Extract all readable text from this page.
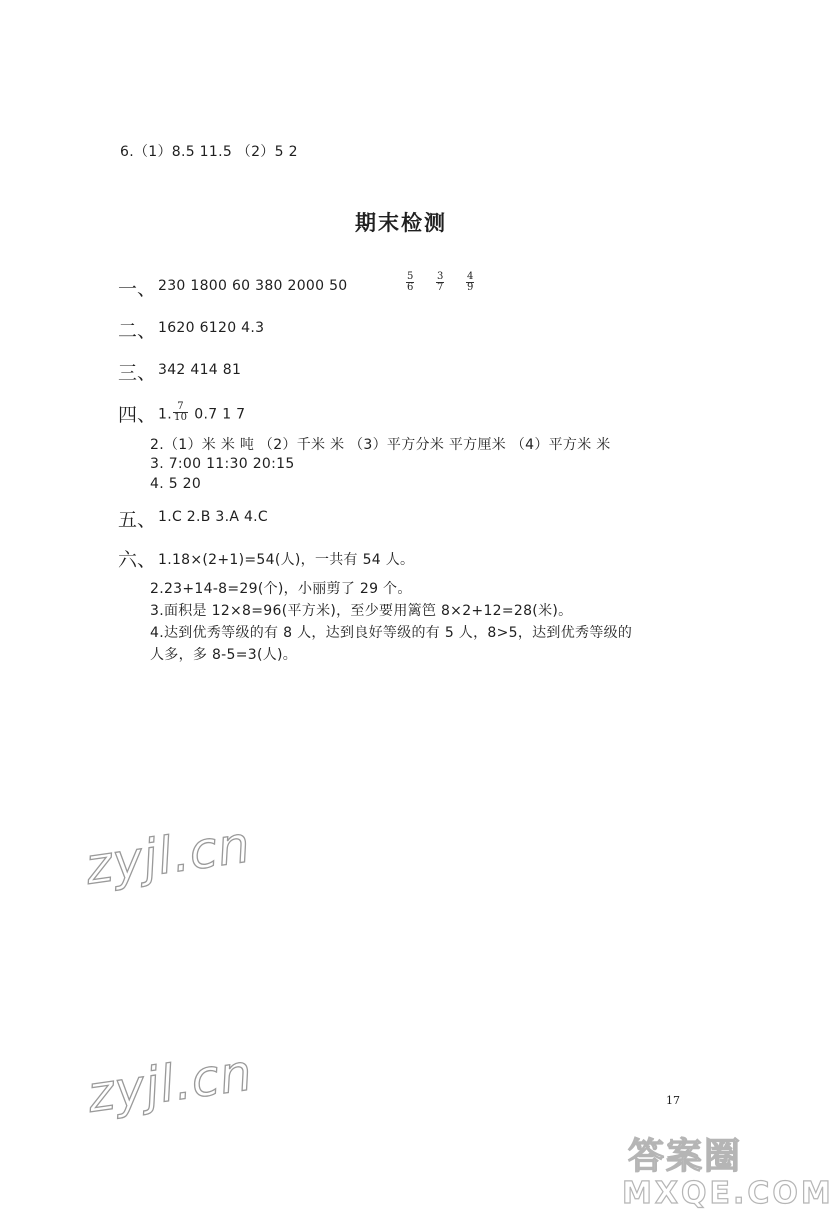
6.（1）8.5 11.5 （2）5 2
期末检测
一、 230 1800 60 380 2000 50	$\frac{5}{6} \frac{3}{7} \frac{4}{9}$
二、 1620 6120 4.3
三、 342 414 81
四、 1. $\frac{7}{10} 0.7$ 1 7
2.（1）米 米 吨 （2）千米 米 （3）平方分米 平方厘米 （4）平方米 米
3. 7:00 11:30 20:15
4. 5 20
五、 1.C 2.B 3.A 4.C
六、 1.18×(2+1)=54(人)，一共有 54 人。
2.23+14-8=29(个)，小丽剪了 29 个。
3.面积是 12×8=96(平方米)，至少要用篱笆 8×2+12=28(米)。
4.达到优秀等级的有 8 人，达到良好等级的有 5 人，8>5，达到优秀等级的
人多，多 8-5=3(人)。
zyjl.cn
zyjl.cn	17
答案圈
MXQE.COM
